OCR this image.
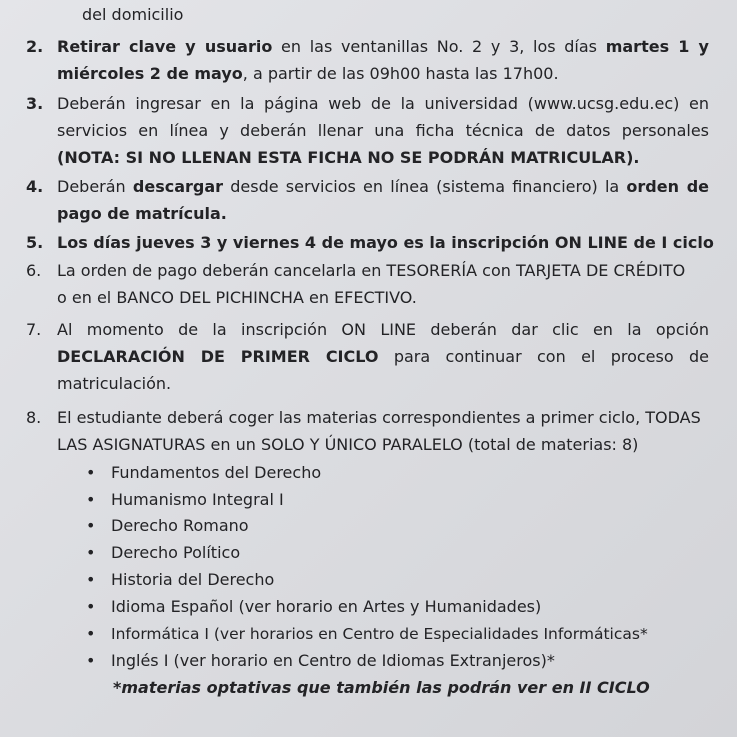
del domicilio
2. Retirar clave y usuario en las ventanillas No. 2 y 3, los días martes 1 y
miércoles 2 de mayo, a partir de las 09h00 hasta las 17h00.
3. Deberán ingresar en la página web de la universidad (www.ucsg.edu.ec) en
servicios en línea y deberán llenar una ficha técnica de datos personales
(NOTA: SI NO LLENAN ESTA FICHA NO SE PODRÁN MATRICULAR).
4. Deberán descargar desde servicios en línea (sistema financiero) la orden de
pago de matrícula.
5. Los días jueves 3 y viernes 4 de mayo es la inscripción ON LINE de I ciclo
6. La orden de pago deberán cancelarla en TESORERÍA con TARJETA DE CRÉDITO
o en el BANCO DEL PICHINCHA en EFECTIVO.
7. Al momento de la inscripción ON LINE deberán dar clic en la opción
DECLARACIÓN DE PRIMER CICLO para continuar con el proceso de
matriculación.
8. El estudiante deberá coger las materias correspondientes a primer ciclo, TODAS
LAS ASIGNATURAS en un SOLO Y ÚNICO PARALELO (total de materias: 8)
• Fundamentos del Derecho
• Humanismo Integral I
• Derecho Romano
• Derecho Político
• Historia del Derecho
• Idioma Español (ver horario en Artes y Humanidades)
• Informática I (ver horarios en Centro de Especialidades Informáticas*
• Inglés I (ver horario en Centro de Idiomas Extranjeros)*
*materias optativas que también las podrán ver en II CICLO
